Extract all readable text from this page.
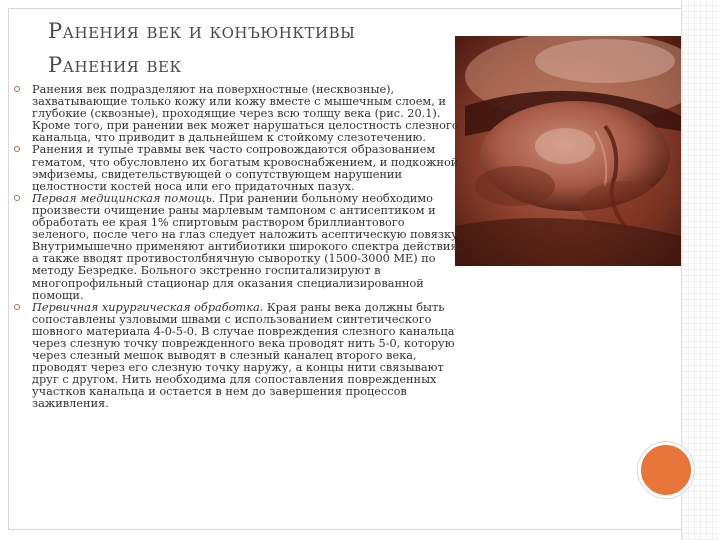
Ранения век и конъюнктивы
Ранения век
Ранения век подразделяют на поверхностные (несквозные), захватывающие только кожу или кожу вместе с мышечным слоем, и глубокие (сквозные), проходящие через всю толщу века (рис. 20.1). Кроме того, при ранении век может нарушаться целостность слезного канальца, что приводит в дальнейшем к стойкому слезотечению.
Ранения и тупые травмы век часто сопровождаются образованием гематом, что обусловлено их богатым кровоснабжением, и подкожной эмфиземы, свидетельствующей о сопутствующем нарушении целостности костей носа или его придаточных пазух.
Первая медицинская помощь. При ранении больному необходимо произвести очищение раны марлевым тампоном с антисептиком и обработать ее края 1% спиртовым раствором бриллиантового зеленого, после чего на глаз следует наложить асептическую повязку. Внутримышечно применяют антибиотики широкого спектра действия, а также вводят противостолбнячную сыворотку (1500-3000 МЕ) по методу Безредке. Больного экстренно госпитализируют в многопрофильный стационар для оказания специализированной помощи.
Первичная хирургическая обработка. Края раны века должны быть сопоставлены узловыми швами с использованием синтетического шовного материала 4-0-5-0. В случае повреждения слезного канальца через слезную точку поврежденного века проводят нить 5-0, которую через слезный мешок выводят в слезный каналец второго века, проводят через его слезную точку наружу, а концы нити связывают друг с другом. Нить необходима для сопоставления поврежденных участков канальца и остается в нем до завершения процессов заживления.
